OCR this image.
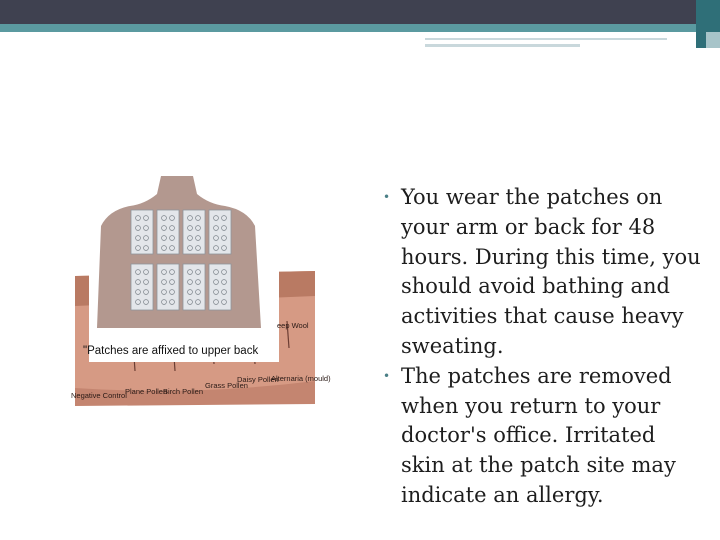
"Patches are affixed to upper back
Negative Control
Plane Pollen
Birch Pollen
Grass Pollen
Daisy Pollen
Alternaria (mould)
eep Wool
• You wear the patches on your arm or back for 48 hours. During this time, you should avoid bathing and activities that cause heavy sweating.
• The patches are removed when you return to your doctor's office. Irritated skin at the patch site may indicate an allergy.
